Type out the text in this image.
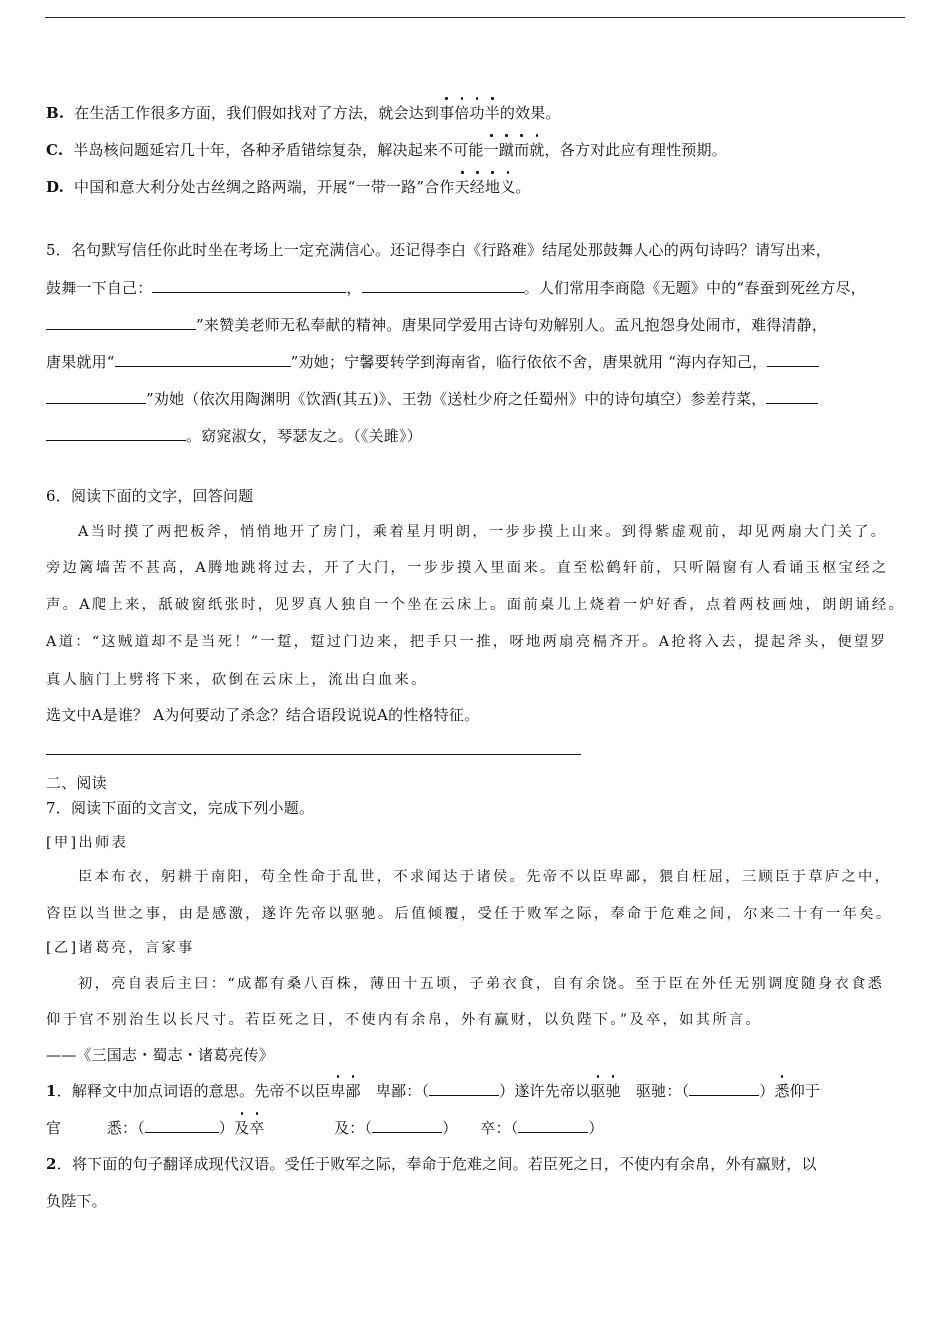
B. 在生活工作很多方面，我们假如找对了方法，就会达到事倍功半的效果。
C. 半岛核问题延宕几十年，各种矛盾错综复杂，解决起来不可能一蹴而就，各方对此应有理性预期。
D. 中国和意大利分处古丝绸之路两端，开展“一带一路”合作天经地义。
5．名句默写信任你此时坐在考场上一定充满信心。还记得李白《行路难》结尾处那鼓舞人心的两句诗吗？请写出来，
鼓舞一下自己：	，	。人们常用李商隐《无题》中的“春蚕到死丝方尽，
”来赞美老师无私奉献的精神。唐果同学爱用古诗句劝解别人。孟凡抱怨身处闹市，难得清静，
唐果就用“	”劝她；宁馨要转学到海南省，临行依依不舍，唐果就用 “海内存知己，
”劝她（依次用陶渊明《饮酒(其五)》、王勃《送杜少府之任蜀州》中的诗句填空）参差荇菜，
。窈窕淑女，琴瑟友之。（《关雎》）
6．阅读下面的文字，回答问题
A当时摸了两把板斧，悄悄地开了房门，乘着星月明朗，一步步摸上山来。到得紫虚观前，却见两扇大门关了。
旁边篱墙苦不甚高，A腾地跳将过去，开了大门，一步步摸入里面来。直至松鹤轩前，只听隔窗有人看诵玉枢宝经之
声。A爬上来，舐破窗纸张时，见罗真人独自一个坐在云床上。面前桌儿上烧着一炉好香，点着两枝画烛，朗朗诵经。
A道：“这贼道却不是当死！”一踅，踅过门边来，把手只一推，呀地两扇亮槅齐开。A抢将入去，提起斧头，便望罗
真人脑门上劈将下来，砍倒在云床上，流出白血来。
选文中A是谁？ A为何要动了杀念？结合语段说说A的性格特征。
二、阅读
7．阅读下面的文言文，完成下列小题。
[甲]出师表
臣本布衣，躬耕于南阳，苟全性命于乱世，不求闻达于诸侯。先帝不以臣卑鄙，猥自枉屈，三顾臣于草庐之中，
咨臣以当世之事，由是感激，遂许先帝以驱驰。后值倾覆，受任于败军之际，奉命于危难之间，尔来二十有一年矣。
[乙]诸葛亮，言家事
初，亮自表后主曰：“成都有桑八百株，薄田十五顷，子弟衣食，自有余饶。至于臣在外任无别调度随身衣食悉
仰于官不别治生以长尺寸。若臣死之日，不使内有余帛，外有赢财，以负陛下。”及卒，如其所言。
——《三国志・蜀志・诸葛亮传》
1．解释文中加点词语的意思。先帝不以臣卑鄙　卑鄙：（	）遂许先帝以驱驰　驱驰：（	）悉仰于
官　　　悉：（	）及卒	及：（	）　　卒：（	）
2．将下面的句子翻译成现代汉语。受任于败军之际，奉命于危难之间。若臣死之日，不使内有余帛，外有赢财，以
负陛下。
